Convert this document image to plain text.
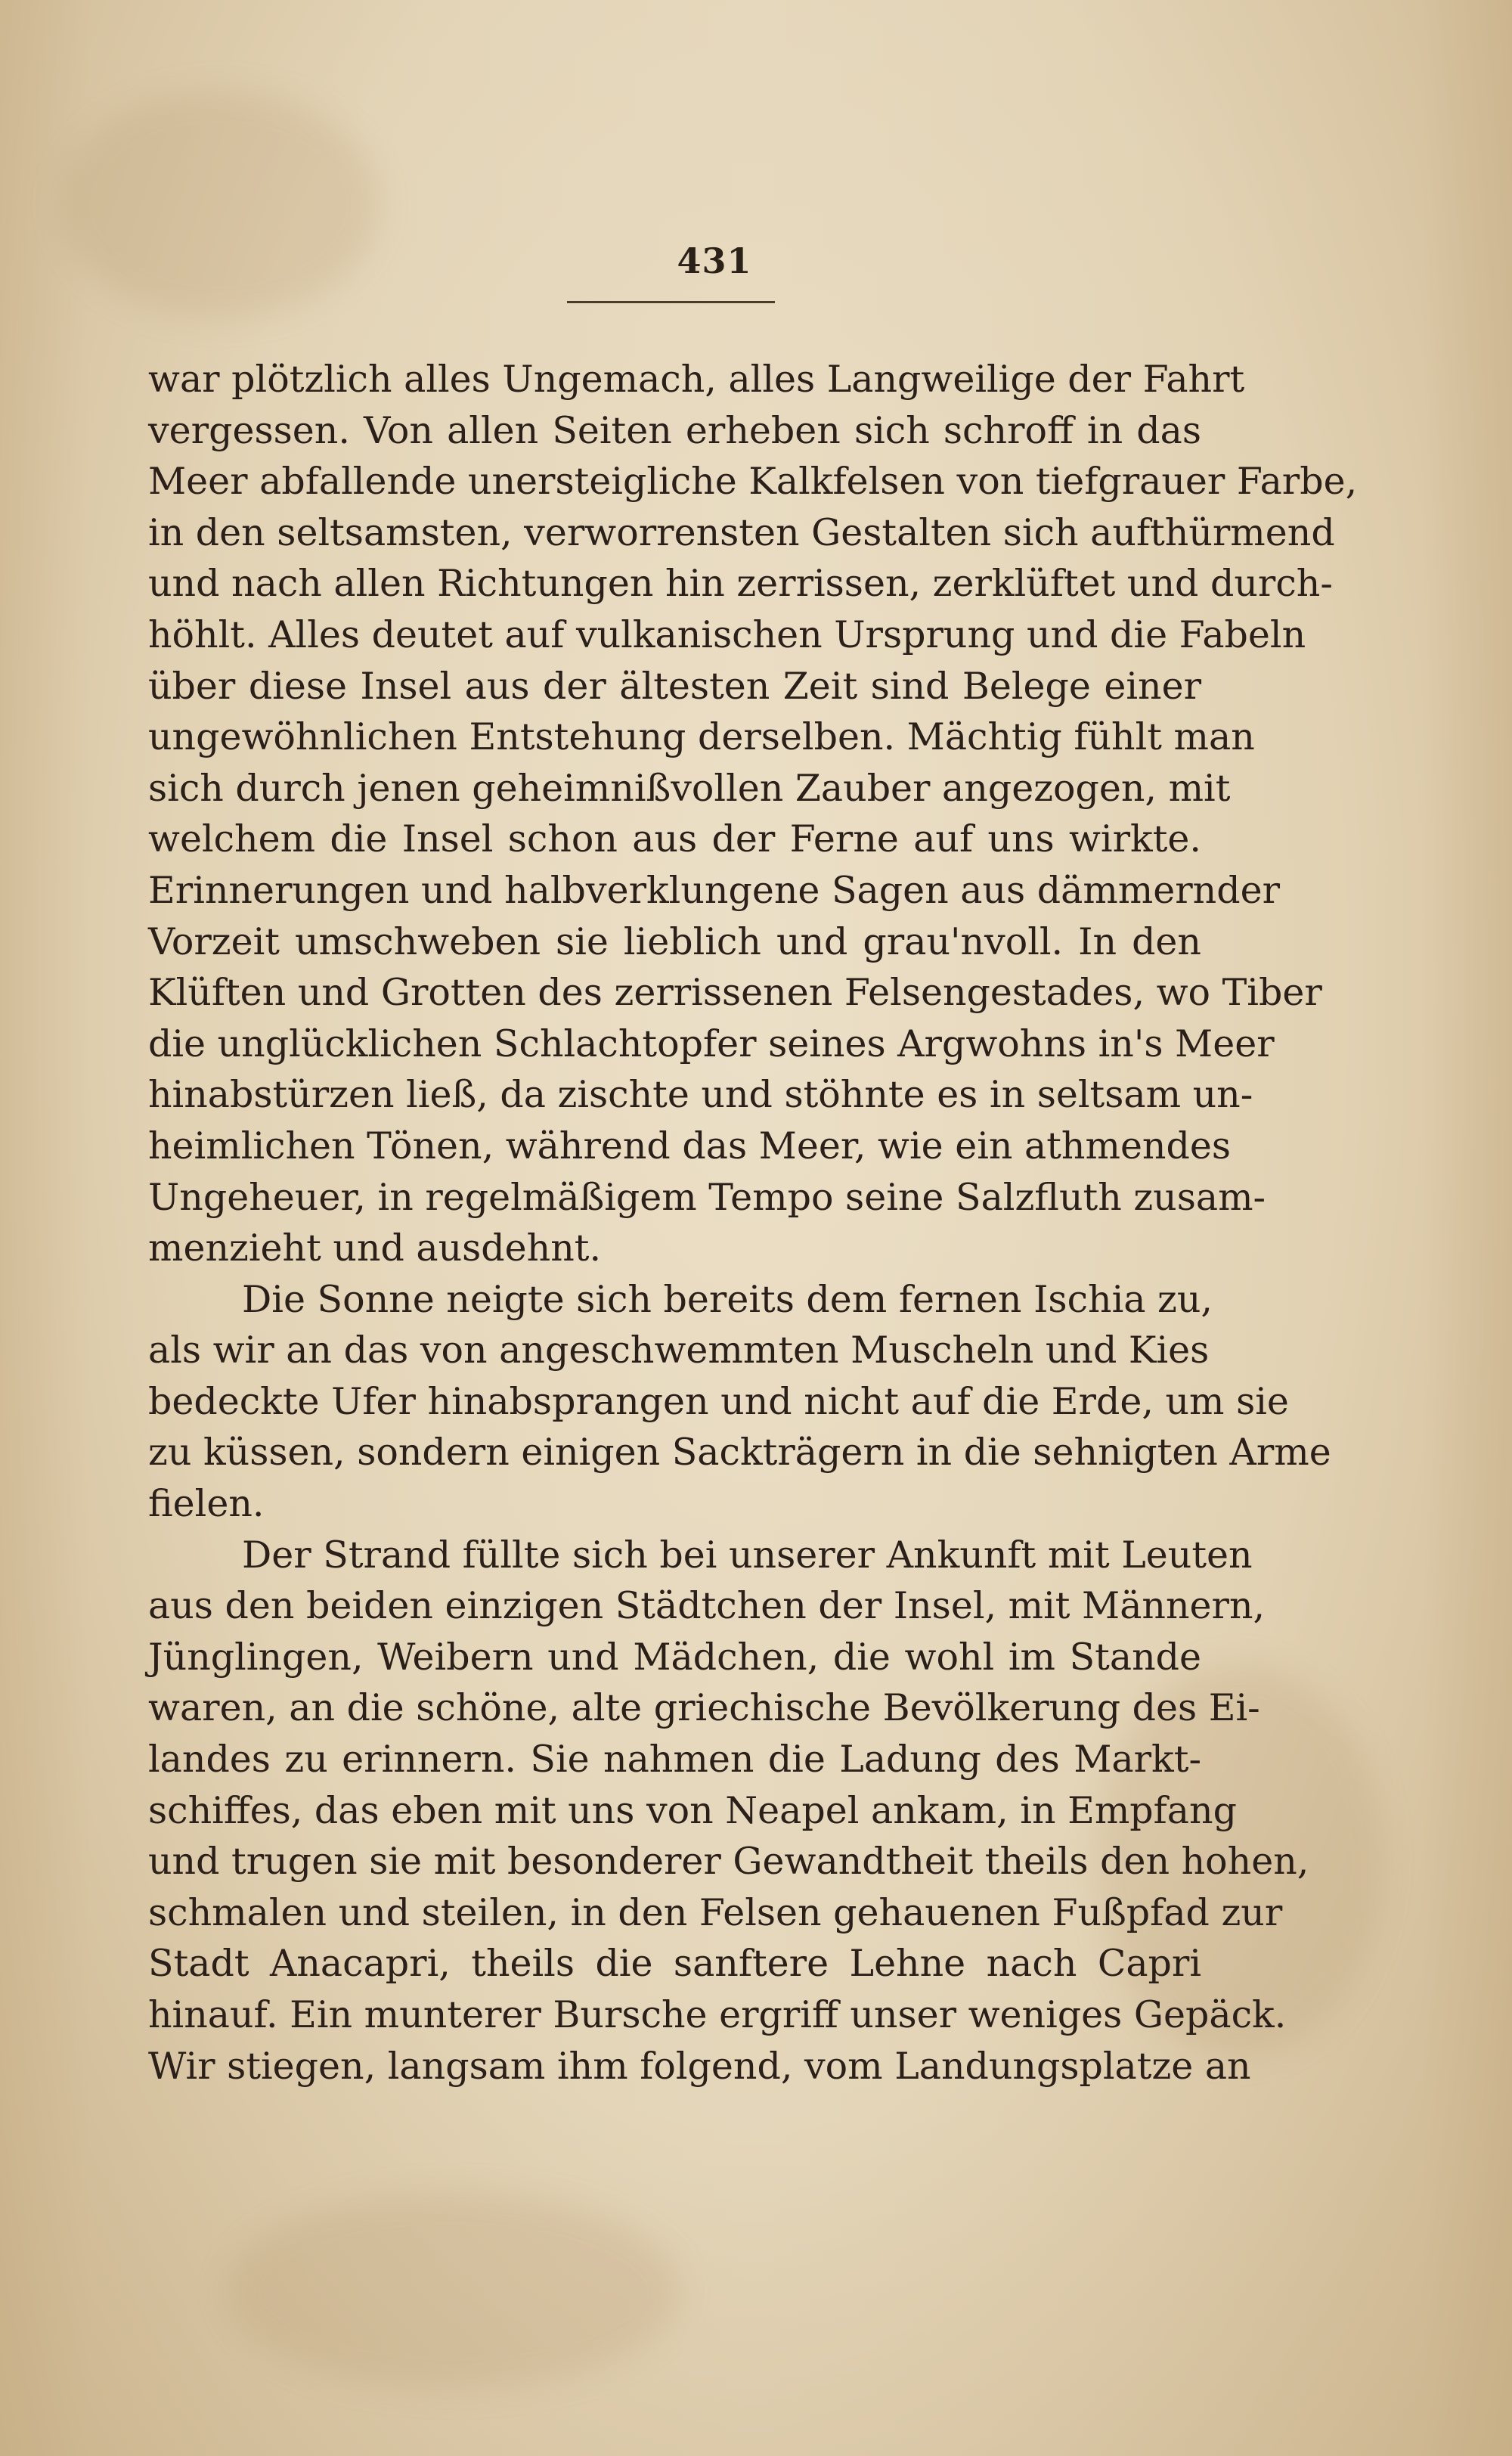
431
war plötzlich alles Ungemach, alles Langweilige der Fahrt
vergessen. Von allen Seiten erheben sich schroff in das
Meer abfallende unersteigliche Kalkfelsen von tiefgrauer Farbe,
in den seltsamsten, verworrensten Gestalten sich aufthürmend
und nach allen Richtungen hin zerrissen, zerklüftet und durch-
höhlt. Alles deutet auf vulkanischen Ursprung und die Fabeln
über diese Insel aus der ältesten Zeit sind Belege einer
ungewöhnlichen Entstehung derselben. Mächtig fühlt man
sich durch jenen geheimnißvollen Zauber angezogen, mit
welchem die Insel schon aus der Ferne auf uns wirkte.
Erinnerungen und halbverklungene Sagen aus dämmernder
Vorzeit umschweben sie lieblich und grau'nvoll. In den
Klüften und Grotten des zerrissenen Felsengestades, wo Tiber
die unglücklichen Schlachtopfer seines Argwohns in's Meer
hinabstürzen ließ, da zischte und stöhnte es in seltsam un-
heimlichen Tönen, während das Meer, wie ein athmendes
Ungeheuer, in regelmäßigem Tempo seine Salzfluth zusam-
menzieht und ausdehnt.
Die Sonne neigte sich bereits dem fernen Ischia zu,
als wir an das von angeschwemmten Muscheln und Kies
bedeckte Ufer hinabsprangen und nicht auf die Erde, um sie
zu küssen, sondern einigen Sackträgern in die sehnigten Arme
fielen.
Der Strand füllte sich bei unserer Ankunft mit Leuten
aus den beiden einzigen Städtchen der Insel, mit Männern,
Jünglingen, Weibern und Mädchen, die wohl im Stande
waren, an die schöne, alte griechische Bevölkerung des Ei-
landes zu erinnern. Sie nahmen die Ladung des Markt-
schiffes, das eben mit uns von Neapel ankam, in Empfang
und trugen sie mit besonderer Gewandtheit theils den hohen,
schmalen und steilen, in den Felsen gehauenen Fußpfad zur
Stadt Anacapri, theils die sanftere Lehne nach Capri
hinauf. Ein munterer Bursche ergriff unser weniges Gepäck.
Wir stiegen, langsam ihm folgend, vom Landungsplatze an
